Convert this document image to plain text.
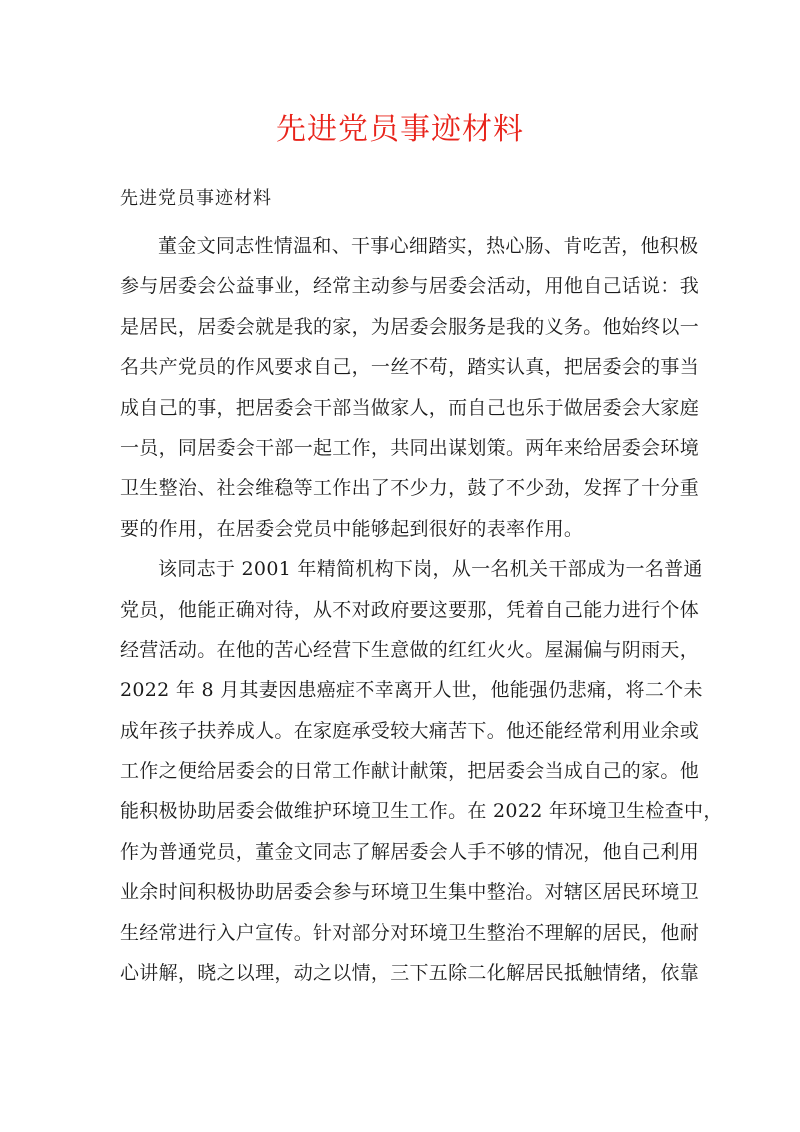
先进党员事迹材料
先进党员事迹材料
董金文同志性情温和、干事心细踏实，热心肠、肯吃苦，他积极
参与居委会公益事业，经常主动参与居委会活动，用他自己话说：我
是居民，居委会就是我的家，为居委会服务是我的义务。他始终以一
名共产党员的作风要求自己，一丝不苟，踏实认真，把居委会的事当
成自己的事，把居委会干部当做家人，而自己也乐于做居委会大家庭
一员，同居委会干部一起工作，共同出谋划策。两年来给居委会环境
卫生整治、社会维稳等工作出了不少力，鼓了不少劲，发挥了十分重
要的作用，在居委会党员中能够起到很好的表率作用。
该同志于 2001 年精简机构下岗，从一名机关干部成为一名普通
党员，他能正确对待，从不对政府要这要那，凭着自己能力进行个体
经营活动。在他的苦心经营下生意做的红红火火。屋漏偏与阴雨天，
2022 年 8 月其妻因患癌症不幸离开人世，他能强仍悲痛，将二个未
成年孩子扶养成人。在家庭承受较大痛苦下。他还能经常利用业余或
工作之便给居委会的日常工作献计献策，把居委会当成自己的家。他
能积极协助居委会做维护环境卫生工作。在 2022 年环境卫生检查中，
作为普通党员，董金文同志了解居委会人手不够的情况，他自己利用
业余时间积极协助居委会参与环境卫生集中整治。对辖区居民环境卫
生经常进行入户宣传。针对部分对环境卫生整治不理解的居民，他耐
心讲解，晓之以理，动之以情，三下五除二化解居民抵触情绪，依靠
